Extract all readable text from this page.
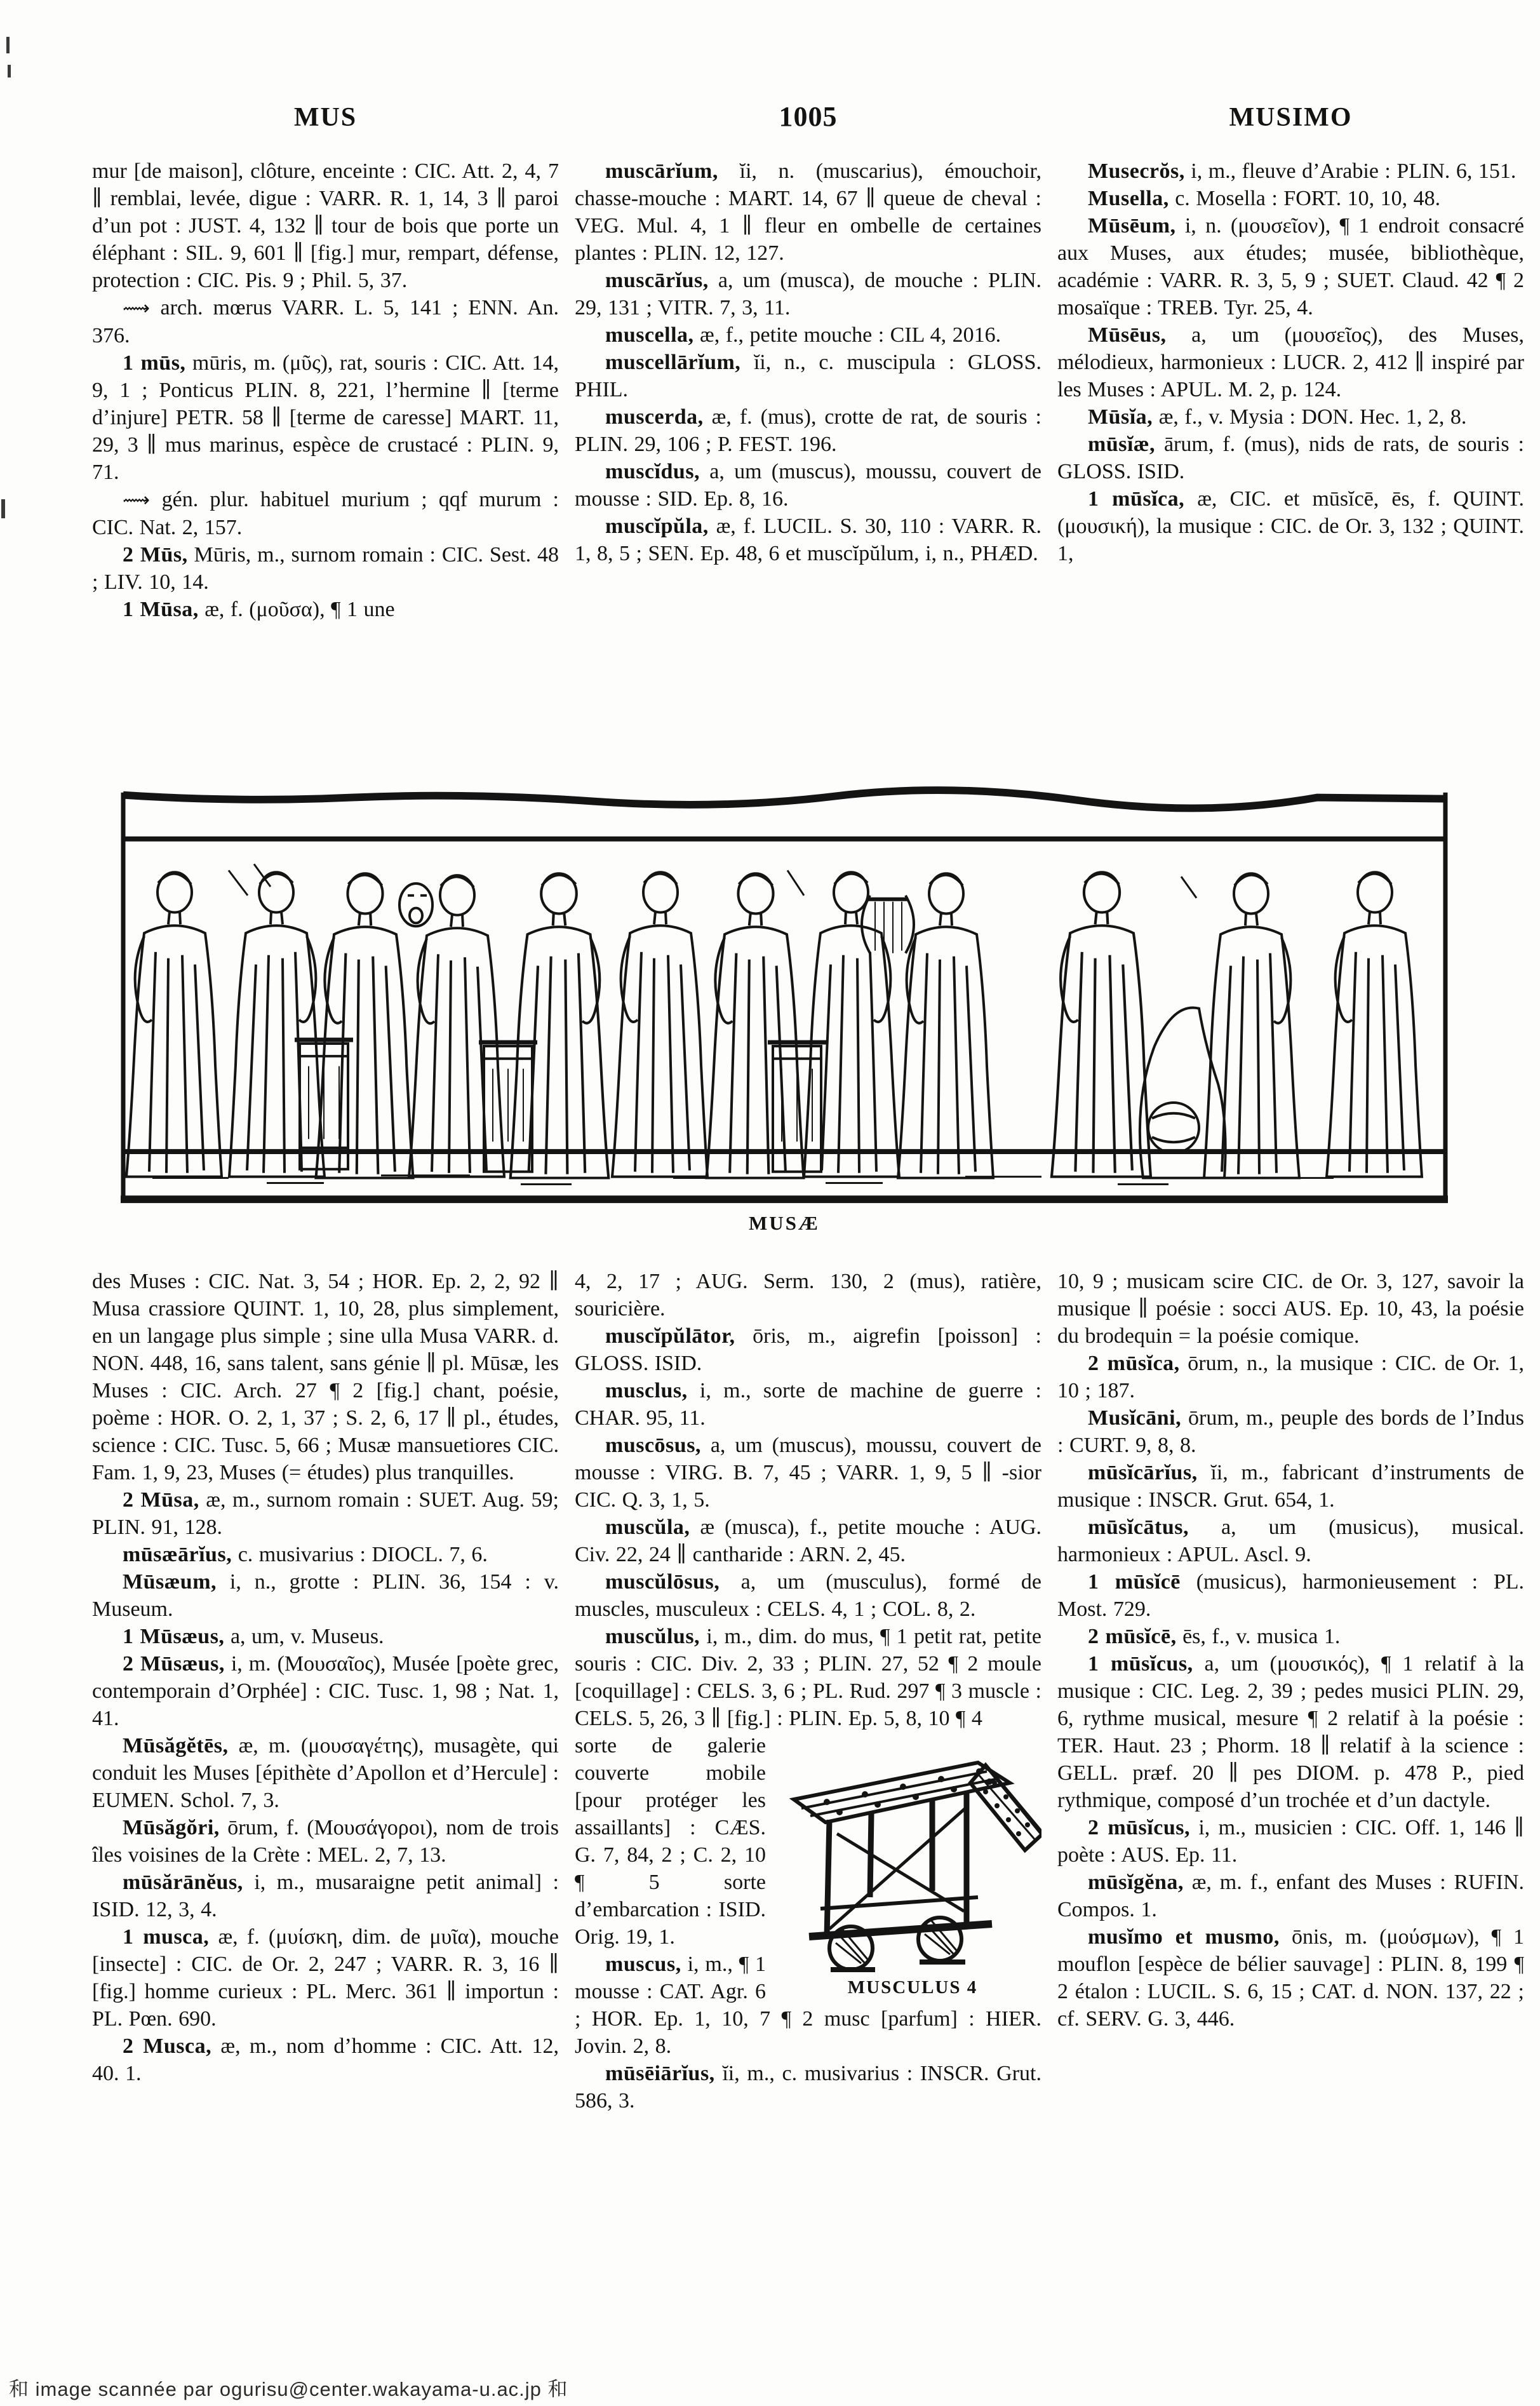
MUS	1005	MUSIMO

mur [de maison], clôture, enceinte : CIC. Att. 2, 4, 7 ∥ remblai, levée, digue : VARR. R. 1, 14, 3 ∥ paroi d’un pot : JUST. 4, 132 ∥ tour de bois que porte un éléphant : SIL. 9, 601 ∥ [fig.] mur, rempart, défense, protection : CIC. Pis. 9 ; Phil. 5, 37.

⟿ arch. mœrus VARR. L. 5, 141 ; ENN. An. 376.

1 mūs, mūris, m. (μῦς), rat, souris : CIC. Att. 14, 9, 1 ; Ponticus PLIN. 8, 221, l’hermine ∥ [terme d’injure] PETR. 58 ∥ [terme de caresse] MART. 11, 29, 3 ∥ mus marinus, espèce de crustacé : PLIN. 9, 71.

⟿ gén. plur. habituel murium ; qqf murum : CIC. Nat. 2, 157.

2 Mūs, Mūris, m., surnom romain : CIC. Sest. 48 ; LIV. 10, 14.

1 Mūsa, æ, f. (μοῦσα), ¶ 1 une

muscārĭum, ĭi, n. (muscarius), émouchoir, chasse-mouche : MART. 14, 67 ∥ queue de cheval : VEG. Mul. 4, 1 ∥ fleur en ombelle de certaines plantes : PLIN. 12, 127.

muscārĭus, a, um (musca), de mouche : PLIN. 29, 131 ; VITR. 7, 3, 11.

muscella, æ, f., petite mouche : CIL 4, 2016.

muscellārĭum, ĭi, n., c. muscipula : GLOSS. PHIL.

muscerda, æ, f. (mus), crotte de rat, de souris : PLIN. 29, 106 ; P. FEST. 196.

muscĭdus, a, um (muscus), moussu, couvert de mousse : SID. Ep. 8, 16.

muscĭpŭla, æ, f. LUCIL. S. 30, 110 : VARR. R. 1, 8, 5 ; SEN. Ep. 48, 6 et muscĭpŭlum, i, n., PHÆD.

Musecrŏs, i, m., fleuve d’Arabie : PLIN. 6, 151.

Musella, c. Mosella : FORT. 10, 10, 48.

Mūsēum, i, n. (μουσεῖον), ¶ 1 endroit consacré aux Muses, aux études; musée, bibliothèque, académie : VARR. R. 3, 5, 9 ; SUET. Claud. 42 ¶ 2 mosaïque : TREB. Tyr. 25, 4.

Mūsēus, a, um (μουσεῖος), des Muses, mélodieux, harmonieux : LUCR. 2, 412 ∥ inspiré par les Muses : APUL. M. 2, p. 124.

Mūsĭa, æ, f., v. Mysia : DON. Hec. 1, 2, 8.

mūsĭæ, ārum, f. (mus), nids de rats, de souris : GLOSS. ISID.

1 mūsĭca, æ, CIC. et mūsĭcē, ēs, f. QUINT. (μουσική), la musique : CIC. de Or. 3, 132 ; QUINT. 1,

MUSÆ

des Muses : CIC. Nat. 3, 54 ; HOR. Ep. 2, 2, 92 ∥ Musa crassiore QUINT. 1, 10, 28, plus simplement, en un langage plus simple ; sine ulla Musa VARR. d. NON. 448, 16, sans talent, sans génie ∥ pl. Mūsæ, les Muses : CIC. Arch. 27 ¶ 2 [fig.] chant, poésie, poème : HOR. O. 2, 1, 37 ; S. 2, 6, 17 ∥ pl., études, science : CIC. Tusc. 5, 66 ; Musæ mansuetiores CIC. Fam. 1, 9, 23, Muses (= études) plus tranquilles.

2 Mūsa, æ, m., surnom romain : SUET. Aug. 59; PLIN. 91, 128.

mūsæārĭus, c. musivarius : DIOCL. 7, 6.

Mūsæum, i, n., grotte : PLIN. 36, 154 : v. Museum.

1 Mūsæus, a, um, v. Museus.

2 Mūsæus, i, m. (Μουσαῖος), Musée [poète grec, contemporain d’Orphée] : CIC. Tusc. 1, 98 ; Nat. 1, 41.

Mūsăgĕtēs, æ, m. (μουσαγέτης), musagète, qui conduit les Muses [épithète d’Apollon et d’Hercule] : EUMEN. Schol. 7, 3.

Mūsăgŏri, ōrum, f. (Μουσάγοροι), nom de trois îles voisines de la Crète : MEL. 2, 7, 13.

mūsărānĕus, i, m., musaraigne petit animal] : ISID. 12, 3, 4.

1 musca, æ, f. (μυίσκη, dim. de μυῖα), mouche [insecte] : CIC. de Or. 2, 247 ; VARR. R. 3, 16 ∥ [fig.] homme curieux : PL. Merc. 361 ∥ importun : PL. Pœn. 690.

2 Musca, æ, m., nom d’homme : CIC. Att. 12, 40. 1.

4, 2, 17 ; AUG. Serm. 130, 2 (mus), ratière, souricière.

muscĭpŭlātor, ōris, m., aigrefin [poisson] : GLOSS. ISID.

musclus, i, m., sorte de machine de guerre : CHAR. 95, 11.

muscōsus, a, um (muscus), moussu, couvert de mousse : VIRG. B. 7, 45 ; VARR. 1, 9, 5 ∥ -sior CIC. Q. 3, 1, 5.

muscŭla, æ (musca), f., petite mouche : AUG. Civ. 22, 24 ∥ cantharide : ARN. 2, 45.

muscŭlōsus, a, um (musculus), formé de muscles, musculeux : CELS. 4, 1 ; COL. 8, 2.

muscŭlus, i, m., dim. do mus, ¶ 1 petit rat, petite souris : CIC. Div. 2, 33 ; PLIN. 27, 52 ¶ 2 moule [coquillage] : CELS. 3, 6 ; PL. Rud. 297 ¶ 3 muscle : CELS. 5, 26, 3 ∥ [fig.] : PLIN. Ep. 5, 8, 10 ¶ 4

MUSCULUS 4

sorte de galerie couverte mobile [pour protéger les assaillants] : CÆS. G. 7, 84, 2 ; C. 2, 10 ¶ 5 sorte d’embarcation : ISID. Orig. 19, 1.

muscus, i, m., ¶ 1 mousse : CAT. Agr. 6 ; HOR. Ep. 1, 10, 7 ¶ 2 musc [parfum] : HIER. Jovin. 2, 8.

mūsēiārĭus, ĭi, m., c. musivarius : INSCR. Grut. 586, 3.

10, 9 ; musicam scire CIC. de Or. 3, 127, savoir la musique ∥ poésie : socci AUS. Ep. 10, 43, la poésie du brodequin = la poésie comique.

2 mūsĭca, ōrum, n., la musique : CIC. de Or. 1, 10 ; 187.

Musĭcāni, ōrum, m., peuple des bords de l’Indus : CURT. 9, 8, 8.

mūsĭcārĭus, ĭi, m., fabricant d’instruments de musique : INSCR. Grut. 654, 1.

mūsĭcātus, a, um (musicus), musical. harmonieux : APUL. Ascl. 9.

1 mūsĭcē (musicus), harmonieusement : PL. Most. 729.

2 mūsĭcē, ēs, f., v. musica 1.

1 mūsĭcus, a, um (μουσικός), ¶ 1 relatif à la musique : CIC. Leg. 2, 39 ; pedes musici PLIN. 29, 6, rythme musical, mesure ¶ 2 relatif à la poésie : TER. Haut. 23 ; Phorm. 18 ∥ relatif à la science : GELL. præf. 20 ∥ pes DIOM. p. 478 P., pied rythmique, composé d’un trochée et d’un dactyle.

2 mūsĭcus, i, m., musicien : CIC. Off. 1, 146 ∥ poète : AUS. Ep. 11.

mūsĭgĕna, æ, m. f., enfant des Muses : RUFIN. Compos. 1.

musĭmo et musmo, ōnis, m. (μούσμων), ¶ 1 mouflon [espèce de bélier sauvage] : PLIN. 8, 199 ¶ 2 étalon : LUCIL. S. 6, 15 ; CAT. d. NON. 137, 22 ; cf. SERV. G. 3, 446.

和 image scannée par ogurisu@center.wakayama-u.ac.jp 和
